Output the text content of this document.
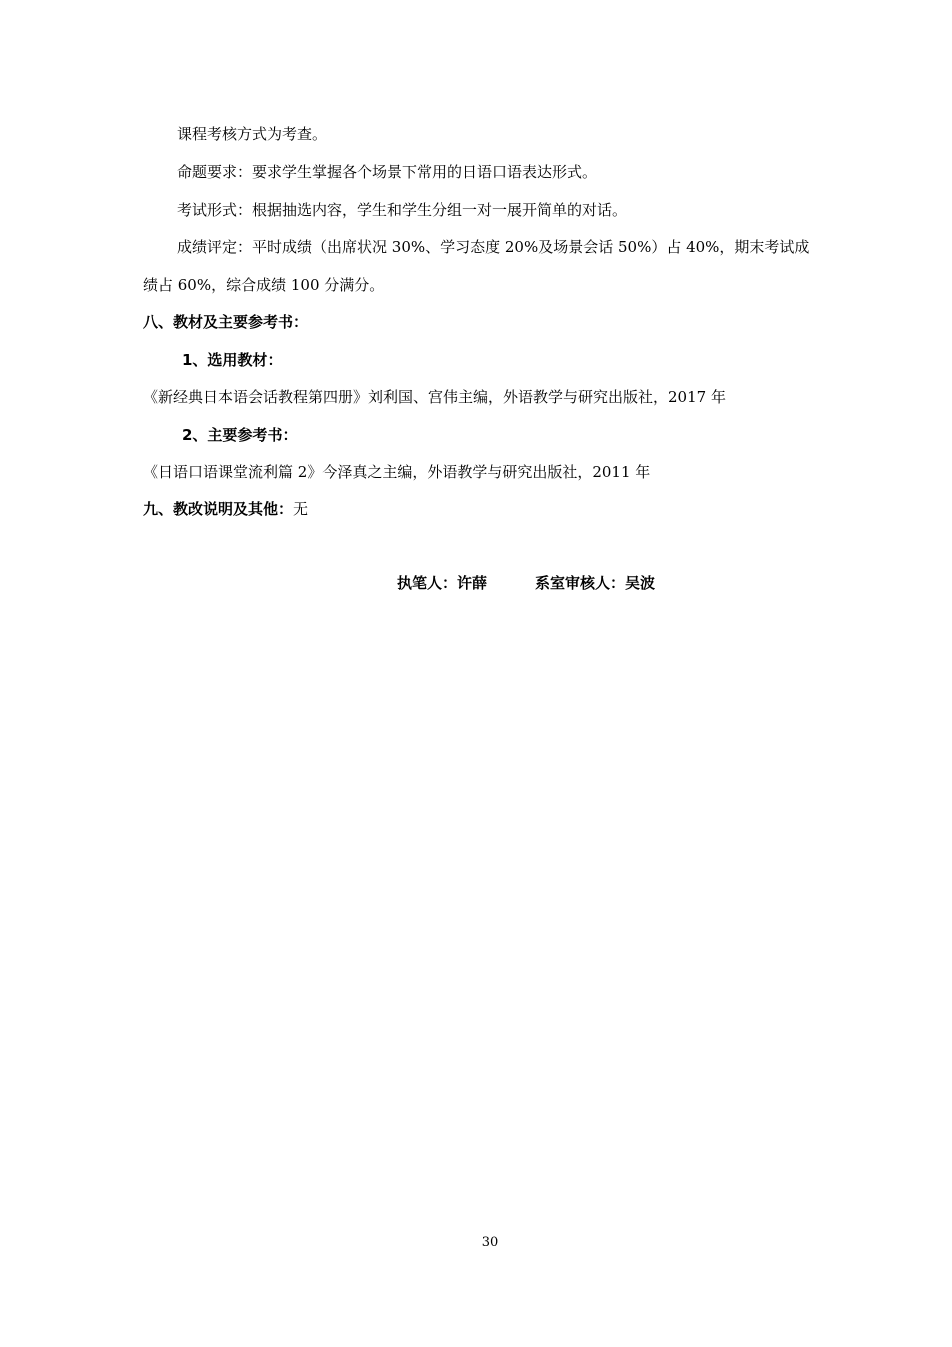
课程考核方式为考查。
命题要求：要求学生掌握各个场景下常用的日语口语表达形式。
考试形式：根据抽选内容，学生和学生分组一对一展开简单的对话。
成绩评定：平时成绩（出席状况 30%、学习态度 20%及场景会话 50%）占 40%，期末考试成
绩占 60%，综合成绩 100 分满分。
八、教材及主要参考书：
1、选用教材：
《新经典日本语会话教程第四册》刘利国、宫伟主编，外语教学与研究出版社，2017 年
2、主要参考书：
《日语口语课堂流利篇 2》今泽真之主编，外语教学与研究出版社，2011 年
九、教改说明及其他：无
执笔人：许薛	系室审核人：吴波
30
